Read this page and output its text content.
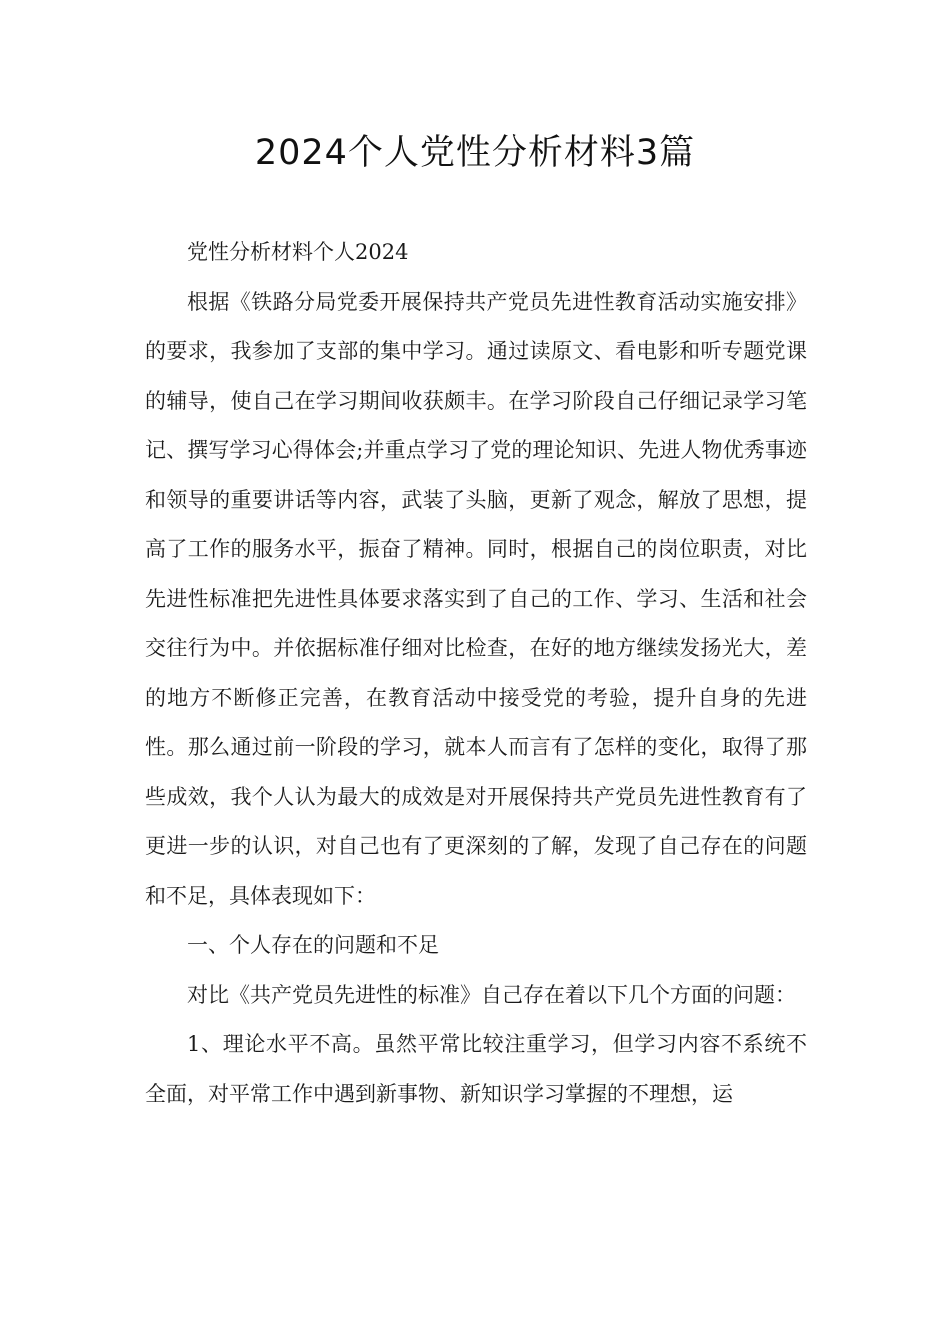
2024个人党性分析材料3篇

党性分析材料个人2024

根据《铁路分局党委开展保持共产党员先进性教育活动实施安排》的要求，我参加了支部的集中学习。通过读原文、看电影和听专题党课的辅导，使自己在学习期间收获颇丰。在学习阶段自己仔细记录学习笔记、撰写学习心得体会;并重点学习了党的理论知识、先进人物优秀事迹和领导的重要讲话等内容，武装了头脑，更新了观念，解放了思想，提高了工作的服务水平，振奋了精神。同时，根据自己的岗位职责，对比先进性标准把先进性具体要求落实到了自己的工作、学习、生活和社会交往行为中。并依据标准仔细对比检查，在好的地方继续发扬光大，差的地方不断修正完善，在教育活动中接受党的考验，提升自身的先进性。那么通过前一阶段的学习，就本人而言有了怎样的变化，取得了那些成效，我个人认为最大的成效是对开展保持共产党员先进性教育有了更进一步的认识，对自己也有了更深刻的了解，发现了自己存在的问题和不足，具体表现如下：

一、个人存在的问题和不足

对比《共产党员先进性的标准》自己存在着以下几个方面的问题：

1、理论水平不高。虽然平常比较注重学习，但学习内容不系统不全面，对平常工作中遇到新事物、新知识学习掌握的不理想，运
